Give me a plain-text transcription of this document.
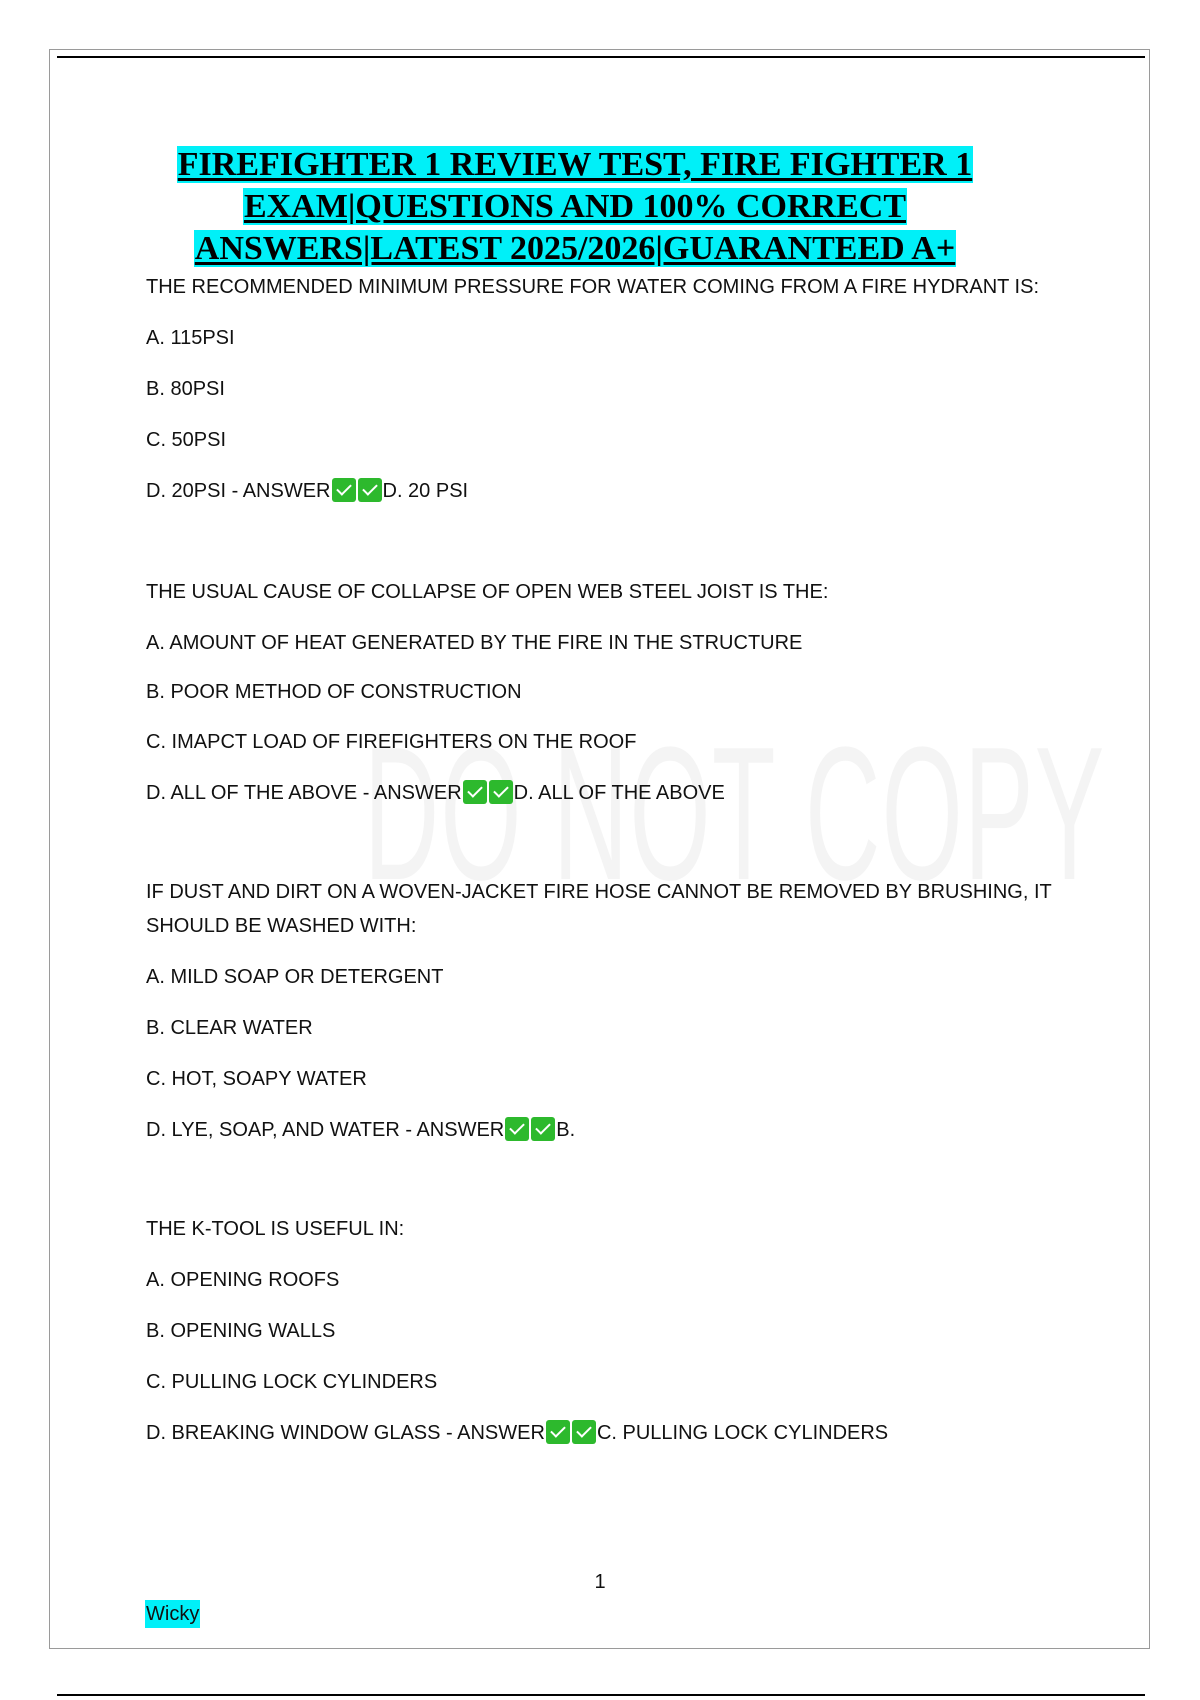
FIREFIGHTER 1 REVIEW TEST, FIRE FIGHTER 1
EXAM|QUESTIONS AND 100% CORRECT
ANSWERS|LATEST 2025/2026|GUARANTEED A+

THE RECOMMENDED MINIMUM PRESSURE FOR WATER COMING FROM A FIRE HYDRANT IS:

A. 115PSI

B. 80PSI

C. 50PSI

D. 20PSI - ANSWER	D. 20 PSI

THE USUAL CAUSE OF COLLAPSE OF OPEN WEB STEEL JOIST IS THE:

A. AMOUNT OF HEAT GENERATED BY THE FIRE IN THE STRUCTURE

B. POOR METHOD OF CONSTRUCTION

C. IMAPCT LOAD OF FIREFIGHTERS ON THE ROOF

D. ALL OF THE ABOVE - ANSWER	D. ALL OF THE ABOVE

IF DUST AND DIRT ON A WOVEN-JACKET FIRE HOSE CANNOT BE REMOVED BY BRUSHING, IT SHOULD BE WASHED WITH:

A. MILD SOAP OR DETERGENT

B. CLEAR WATER

C. HOT, SOAPY WATER

D. LYE, SOAP, AND WATER - ANSWER	B.

THE K-TOOL IS USEFUL IN:

A. OPENING ROOFS

B. OPENING WALLS

C. PULLING LOCK CYLINDERS

D. BREAKING WINDOW GLASS - ANSWER	C. PULLING LOCK CYLINDERS

1
Wicky
